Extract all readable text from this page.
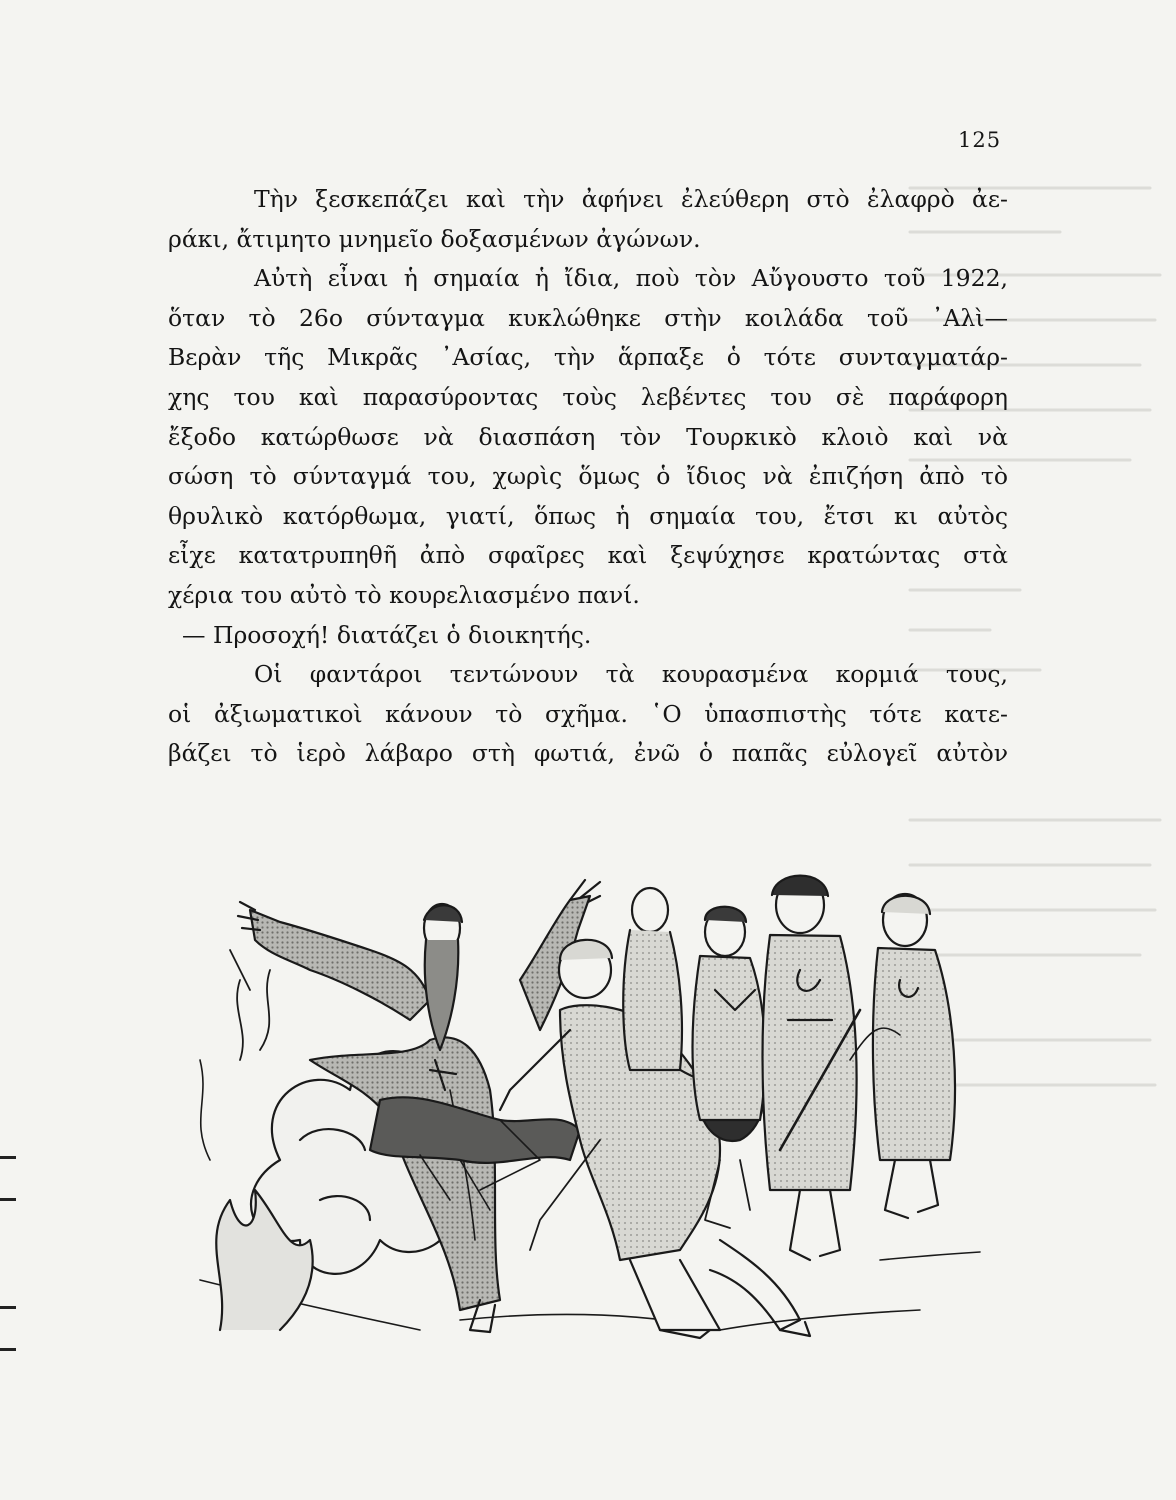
125
Τὴν ξεσκεπάζει καὶ τὴν ἀφήνει ἐλεύθερη στὸ ἐλαφρὸ ἀε-
ράκι, ἄτιμητο μνημεῖο δοξασμένων ἀγώνων.
Αὐτὴ εἶναι ἡ σημαία ἡ ἴδια, ποὺ τὸν Αὔγουστο τοῦ 1922,
ὅταν τὸ 26ο σύνταγμα κυκλώθηκε στὴν κοιλάδα τοῦ ᾿Αλὶ—
Βερὰν τῆς Μικρᾶς ᾿Ασίας, τὴν ἅρπαξε ὁ τότε συνταγματάρ-
χης του καὶ παρασύροντας τοὺς λεβέντες του σὲ παράφορη
ἔξοδο κατώρθωσε νὰ διασπάση τὸν Τουρκικὸ κλοιὸ καὶ νὰ
σώση τὸ σύνταγμά του, χωρὶς ὅμως ὁ ἴδιος νὰ ἐπιζήση ἀπὸ τὸ
θρυλικὸ κατόρθωμα, γιατί, ὅπως ἡ σημαία του, ἔτσι κι αὐτὸς
εἶχε κατατρυπηθῆ ἀπὸ σφαῖρες καὶ ξεψύχησε κρατώντας στὰ
χέρια του αὐτὸ τὸ κουρελιασμένο πανί.
— Προσοχή! διατάζει ὁ διοικητής.
Οἱ φαντάροι τεντώνουν τὰ κουρασμένα κορμιά τους,
οἱ ἀξιωματικοὶ κάνουν τὸ σχῆμα. ῾Ο ὑπασπιστὴς τότε κατε-
βάζει τὸ ἱερὸ λάβαρο στὴ φωτιά, ἐνῶ ὁ παπᾶς εὐλογεῖ αὐτὸν
